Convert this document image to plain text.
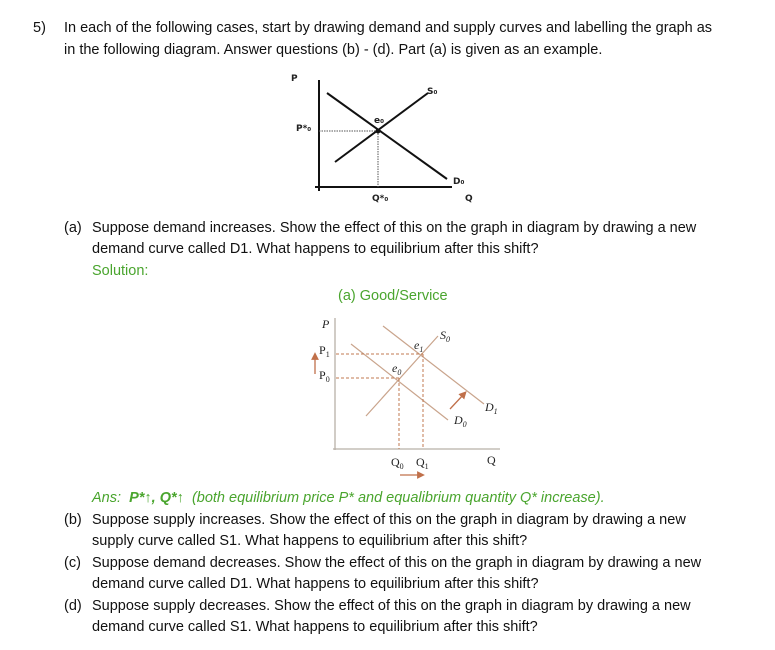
5) In each of the following cases, start by drawing demand and supply curves and labelling the graph as
in the following diagram. Answer questions (b) - (d). Part (a) is given as an example.
P
P*₀
e₀
S₀
D₀
Q*₀	Q
(a) Suppose demand increases. Show the effect of this on the graph in diagram by drawing a new
demand curve called D1. What happens to equilibrium after this shift?
Solution:
(a) Good/Service
P
$P_1$
$P_0$
$e_1$
$e_0$
$S_0$
$D_0$
$D_1$
$Q_0$ $Q_1$	Q
Ans: P*↑, Q*↑ (both equilibrium price P* and equalibrium quantity Q* increase).
(b) Suppose supply increases. Show the effect of this on the graph in diagram by drawing a new
supply curve called S1. What happens to equilibrium after this shift?
(c) Suppose demand decreases. Show the effect of this on the graph in diagram by drawing a new
demand curve called D1. What happens to equilibrium after this shift?
(d) Suppose supply decreases. Show the effect of this on the graph in diagram by drawing a new
demand curve called S1. What happens to equilibrium after this shift?
